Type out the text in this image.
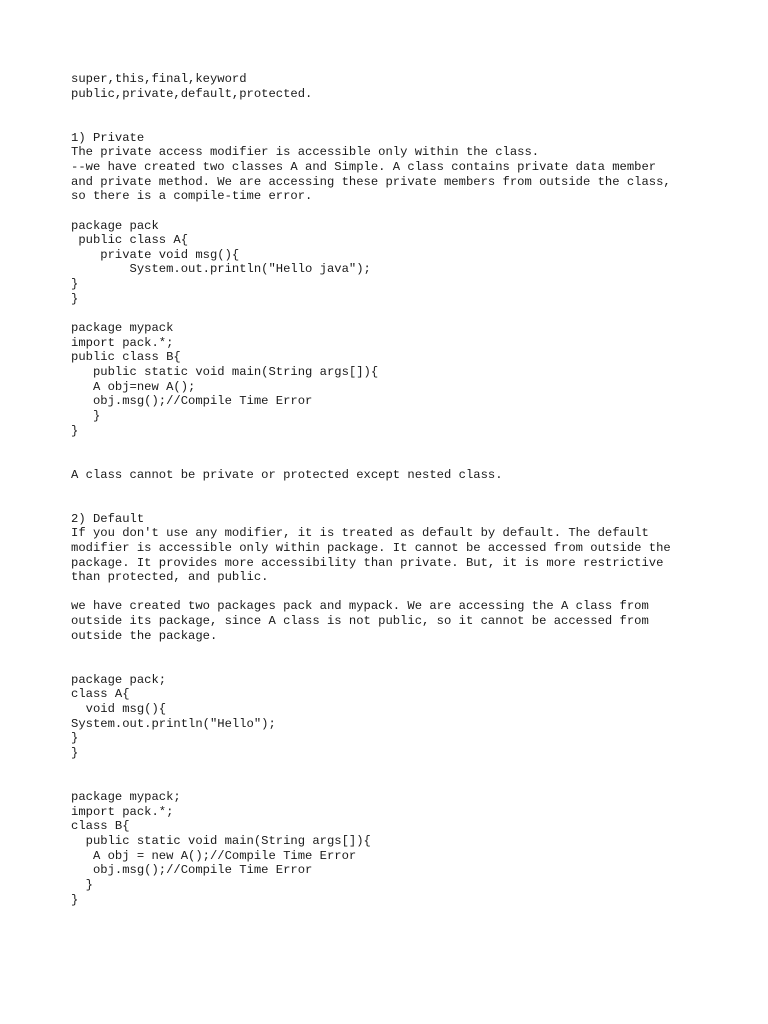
super,this,final,keyword
public,private,default,protected.
1) Private
The private access modifier is accessible only within the class.
--we have created two classes A and Simple. A class contains private data member
and private method. We are accessing these private members from outside the class,
so there is a compile-time error.
package pack
public class A{
private void msg(){
System.out.println("Hello java");
}
}
package mypack
import pack.*;
public class B{
public static void main(String args[]){
A obj=new A();
obj.msg();//Compile Time Error
}
}
A class cannot be private or protected except nested class.
2) Default
If you don't use any modifier, it is treated as default by default. The default
modifier is accessible only within package. It cannot be accessed from outside the
package. It provides more accessibility than private. But, it is more restrictive
than protected, and public.
we have created two packages pack and mypack. We are accessing the A class from
outside its package, since A class is not public, so it cannot be accessed from
outside the package.
package pack;
class A{
void msg(){
System.out.println("Hello");
}
}
package mypack;
import pack.*;
class B{
public static void main(String args[]){
A obj = new A();//Compile Time Error
obj.msg();//Compile Time Error
}
}
